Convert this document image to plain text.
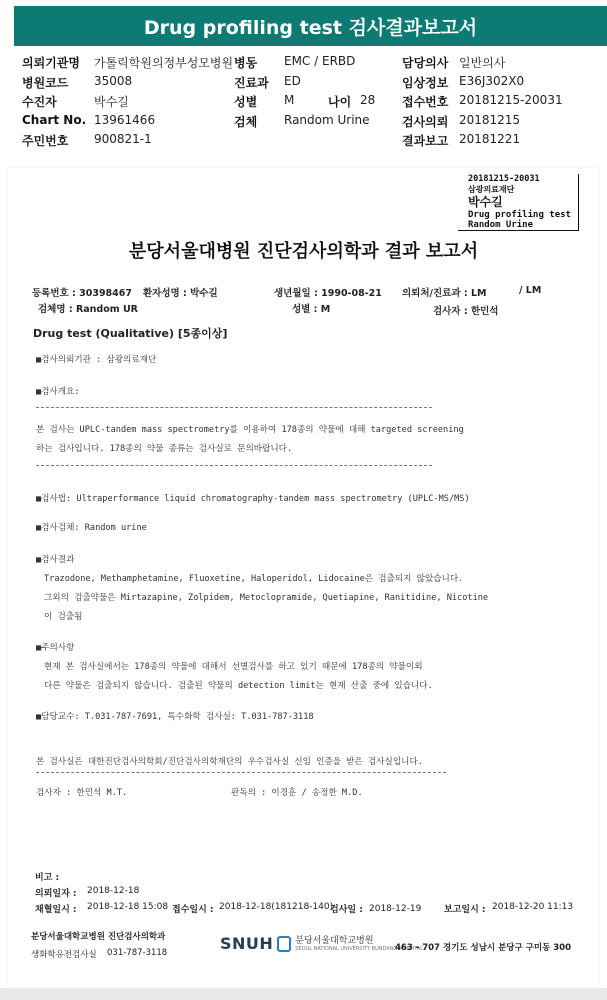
Drug profiling test 검사결과보고서
의뢰기관명 가톨릭학원의정부성모병원 병동 EMC / ERBD	담당의사 일반의사
병원코드 35008	진료과 ED	임상정보 E36J302X0
수진자	박수길	성별 M	나이 28 접수번호 20181215-20031
Chart No. 13961466	검체 Random Urine	검사의뢰 20181215
주민번호 900821-1	결과보고 20181221
20181215-20031
삼광의료재단
박수길
Drug profiling test
Random Urine
분당서울대병원 진단검사의학과 결과 보고서
등록번호 : 30398467 환자성명 : 박수길	생년월일 : 1990-08-21 의뢰처/진료과 : LM	/ LM
검체명 : Random UR	성별 : M	검사자 : 한민석
Drug test (Qualitative) [5종이상]
■검사의뢰기관 : 삼광의료재단
■검사개요:
본 검사는 UPLC-tandem mass spectrometry를 이용하여 178종의 약물에 대해 targeted screening
하는 검사입니다. 178종의 약물 종류는 검사실로 문의바랍니다.
■검사법: Ultraperformance liquid chromatography-tandem mass spectrometry (UPLC-MS/MS)
■검사검체: Random urine
■검사결과
Trazodone, Methamphetamine, Fluoxetine, Haloperidol, Lidocaine은 검출되지 않았습니다.
그외의 검출약물은 Mirtazapine, Zolpidem, Metoclopramide, Quetiapine, Ranitidine, Nicotine
이 검출됨
■주의사항
현재 본 검사실에서는 178종의 약물에 대해서 선별검사를 하고 있기 때문에 178종의 약물이외
다른 약물은 검출되지 않습니다. 검출된 약물의 detection limit는 현재 산출 중에 있습니다.
■담당교수: T.031-787-7691, 특수화학 검사실: T.031-787-3118
본 검사실은 대한진단검사의학회/진단검사의학재단의 우수검사실 신임 인증을 받은 검사실입니다.
검사자 : 한민석 M.T.	판독의 : 이경훈 / 송정한 M.D.
비고 :
의뢰일자 : 2018-12-18
채혈일시 : 2018-12-18 15:08 접수일시 : 2018-12-18(181218-140)
검사일 : 2018-12-19	보고일시 : 2018-12-20 11:13
분당서울대학교병원 진단검사의학과
생화학유전검사실 031-787-3118	SNUH 분당서울대학교병원
SEOUL NATIONAL UNIVERSITY BUNDANG HOSPITAL
463 - 707 경기도 성남시 분당구 구미동 300
